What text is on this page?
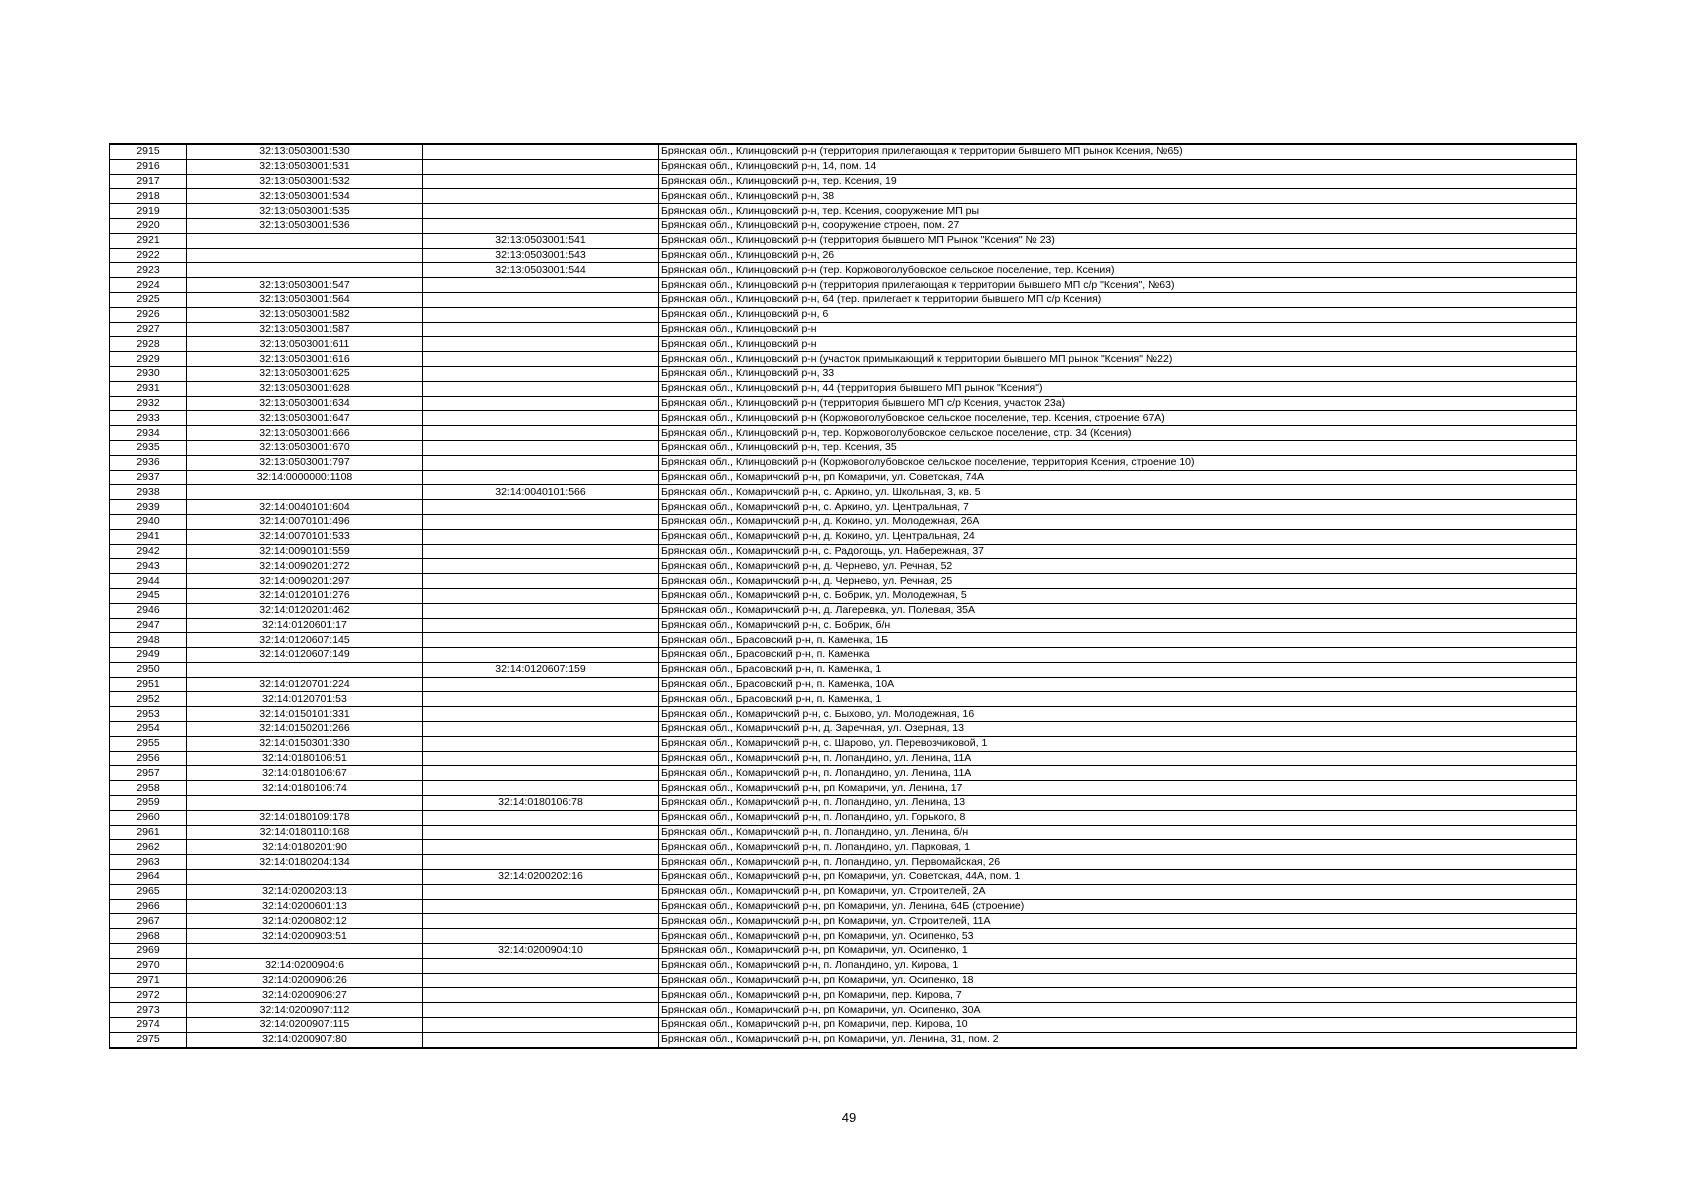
2915	32:13:0503001:530		Брянская обл., Клинцовский р-н (территория прилегающая к территории бывшего МП рынок Ксения, №65)
2916	32:13:0503001:531		Брянская обл., Клинцовский р-н, 14, пом. 14
2917	32:13:0503001:532		Брянская обл., Клинцовский р-н, тер. Ксения, 19
2918	32:13:0503001:534		Брянская обл., Клинцовский р-н, 38
2919	32:13:0503001:535		Брянская обл., Клинцовский р-н, тер. Ксения, сооружение МП ры
2920	32:13:0503001:536		Брянская обл., Клинцовский р-н, сооружение строен, пом. 27
2921		32:13:0503001:541	Брянская обл., Клинцовский р-н (территория бывшего МП Рынок "Ксения" № 23)
2922		32:13:0503001:543	Брянская обл., Клинцовский р-н, 26
2923		32:13:0503001:544	Брянская обл., Клинцовский р-н (тер. Коржовоголубовское сельское поселение, тер. Ксения)
2924	32:13:0503001:547		Брянская обл., Клинцовский р-н (территория прилегающая к территории бывшего МП с/р "Ксения", №63)
2925	32:13:0503001:564		Брянская обл., Клинцовский р-н, 64 (тер. прилегает к территории бывшего МП с/р Ксения)
2926	32:13:0503001:582		Брянская обл., Клинцовский р-н, 6
2927	32:13:0503001:587		Брянская обл., Клинцовский р-н
2928	32:13:0503001:611		Брянская обл., Клинцовский р-н
2929	32:13:0503001:616		Брянская обл., Клинцовский р-н (участок примыкающий к территории бывшего МП рынок "Ксения" №22)
2930	32:13:0503001:625		Брянская обл., Клинцовский р-н, 33
2931	32:13:0503001:628		Брянская обл., Клинцовский р-н, 44 (территория бывшего МП рынок "Ксения")
2932	32:13:0503001:634		Брянская обл., Клинцовский р-н (территория бывшего МП с/р Ксения, участок 23а)
2933	32:13:0503001:647		Брянская обл., Клинцовский р-н (Коржовоголубовское сельское поселение, тер. Ксения, строение 67А)
2934	32:13:0503001:666		Брянская обл., Клинцовский р-н, тер. Коржовоголубовское сельское поселение, стр. 34 (Ксения)
2935	32:13:0503001:670		Брянская обл., Клинцовский р-н, тер. Ксения, 35
2936	32:13:0503001:797		Брянская обл., Клинцовский р-н (Коржовоголубовское сельское поселение, территория Ксения, строение 10)
2937	32:14:0000000:1108		Брянская обл., Комаричский р-н, рп Комаричи, ул. Советская, 74А
2938		32:14:0040101:566	Брянская обл., Комаричский р-н, с. Аркино, ул. Школьная, 3, кв. 5
2939	32:14:0040101:604		Брянская обл., Комаричский р-н, с. Аркино, ул. Центральная, 7
2940	32:14:0070101:496		Брянская обл., Комаричский р-н, д. Кокино, ул. Молодежная, 26А
2941	32:14:0070101:533		Брянская обл., Комаричский р-н, д. Кокино, ул. Центральная, 24
2942	32:14:0090101:559		Брянская обл., Комаричский р-н, с. Радогощь, ул. Набережная, 37
2943	32:14:0090201:272		Брянская обл., Комаричский р-н, д. Чернево, ул. Речная, 52
2944	32:14:0090201:297		Брянская обл., Комаричский р-н, д. Чернево, ул. Речная, 25
2945	32:14:0120101:276		Брянская обл., Комаричский р-н, с. Бобрик, ул. Молодежная, 5
2946	32:14:0120201:462		Брянская обл., Комаричский р-н, д. Лагеревка, ул. Полевая, 35А
2947	32:14:0120601:17		Брянская обл., Комаричский р-н, с. Бобрик, б/н
2948	32:14:0120607:145		Брянская обл., Брасовский р-н, п. Каменка, 1Б
2949	32:14:0120607:149		Брянская обл., Брасовский р-н, п. Каменка
2950		32:14:0120607:159	Брянская обл., Брасовский р-н, п. Каменка, 1
2951	32:14:0120701:224		Брянская обл., Брасовский р-н, п. Каменка, 10А
2952	32:14:0120701:53		Брянская обл., Брасовский р-н, п. Каменка, 1
2953	32:14:0150101:331		Брянская обл., Комаричский р-н, с. Быхово, ул. Молодежная, 16
2954	32:14:0150201:266		Брянская обл., Комаричский р-н, д. Заречная, ул. Озерная, 13
2955	32:14:0150301:330		Брянская обл., Комаричский р-н, с. Шарово, ул. Перевозчиковой, 1
2956	32:14:0180106:51		Брянская обл., Комаричский р-н, п. Лопандино, ул. Ленина, 11А
2957	32:14:0180106:67		Брянская обл., Комаричский р-н, п. Лопандино, ул. Ленина, 11А
2958	32:14:0180106:74		Брянская обл., Комаричский р-н, рп Комаричи, ул. Ленина, 17
2959		32:14:0180106:78	Брянская обл., Комаричский р-н, п. Лопандино, ул. Ленина, 13
2960	32:14:0180109:178		Брянская обл., Комаричский р-н, п. Лопандино, ул. Горького, 8
2961	32:14:0180110:168		Брянская обл., Комаричский р-н, п. Лопандино, ул. Ленина, б/н
2962	32:14:0180201:90		Брянская обл., Комаричский р-н, п. Лопандино, ул. Парковая, 1
2963	32:14:0180204:134		Брянская обл., Комаричский р-н, п. Лопандино, ул. Первомайская, 26
2964		32:14:0200202:16	Брянская обл., Комаричский р-н, рп Комаричи, ул. Советская, 44А, пом. 1
2965	32:14:0200203:13		Брянская обл., Комаричский р-н, рп Комаричи, ул. Строителей, 2А
2966	32:14:0200601:13		Брянская обл., Комаричский р-н, рп Комаричи, ул. Ленина, 64Б (строение)
2967	32:14:0200802:12		Брянская обл., Комаричский р-н, рп Комаричи, ул. Строителей, 11А
2968	32:14:0200903:51		Брянская обл., Комаричский р-н, рп Комаричи, ул. Осипенко, 53
2969		32:14:0200904:10	Брянская обл., Комаричский р-н, рп Комаричи, ул. Осипенко, 1
2970	32:14:0200904:6		Брянская обл., Комаричский р-н, п. Лопандино, ул. Кирова, 1
2971	32:14:0200906:26		Брянская обл., Комаричский р-н, рп Комаричи, ул. Осипенко, 18
2972	32:14:0200906:27		Брянская обл., Комаричский р-н, рп Комаричи, пер. Кирова, 7
2973	32:14:0200907:112		Брянская обл., Комаричский р-н, рп Комаричи, ул. Осипенко, 30А
2974	32:14:0200907:115		Брянская обл., Комаричский р-н, рп Комаричи, пер. Кирова, 10
2975	32:14:0200907:80		Брянская обл., Комаричский р-н, рп Комаричи, ул. Ленина, 31, пом. 2
49
